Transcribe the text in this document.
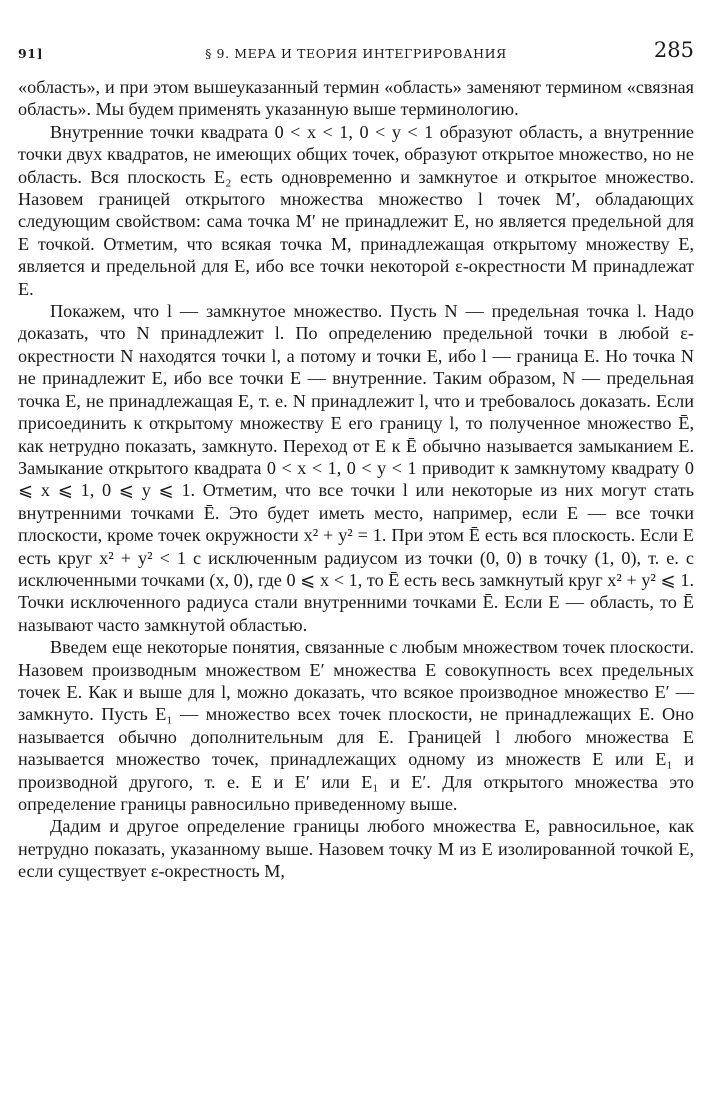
91]	§ 9. МЕРА И ТЕОРИЯ ИНТЕГРИРОВАНИЯ	285

«область», и при этом вышеуказанный термин «область» заменяют термином «связная область». Мы будем применять указанную выше терминологию.

Внутренние точки квадрата 0 < x < 1, 0 < y < 1 образуют область, а внутренние точки двух квадратов, не имеющих общих точек, образуют открытое множество, но не область. Вся плоскость E₂ есть одновременно и замкнутое и открытое множество. Назовем границей открытого множества множество l точек M′, обладающих следующим свойством: сама точка M′ не принадлежит E, но является предельной для E точкой. Отметим, что всякая точка M, принадлежащая открытому множеству E, является и предельной для E, ибо все точки некоторой ε-окрестности M принадлежат E.

Покажем, что l — замкнутое множество. Пусть N — предельная точка l. Надо доказать, что N принадлежит l. По определению предельной точки в любой ε-окрестности N находятся точки l, а потому и точки E, ибо l — граница E. Но точка N не принадлежит E, ибо все точки E — внутренние. Таким образом, N — предельная точка E, не принадлежащая E, т. е. N принадлежит l, что и требовалось доказать. Если присоединить к открытому множеству E его границу l, то полученное множество Ē, как нетрудно показать, замкнуто. Переход от E к Ē обычно называется замыканием E. Замыкание открытого квадрата 0 < x < 1, 0 < y < 1 приводит к замкнутому квадрату 0 ⩽ x ⩽ 1, 0 ⩽ y ⩽ 1. Отметим, что все точки l или некоторые из них могут стать внутренними точками Ē. Это будет иметь место, например, если E — все точки плоскости, кроме точек окружности x² + y² = 1. При этом Ē есть вся плоскость. Если E есть круг x² + y² < 1 с исключенным радиусом из точки (0, 0) в точку (1, 0), т. е. с исключенными точками (x, 0), где 0 ⩽ x < 1, то Ē есть весь замкнутый круг x² + y² ⩽ 1. Точки исключенного радиуса стали внутренними точками Ē. Если E — область, то Ē называют часто замкнутой областью.

Введем еще некоторые понятия, связанные с любым множеством точек плоскости. Назовем производным множеством E′ множества E совокупность всех предельных точек E. Как и выше для l, можно доказать, что всякое производное множество E′ — замкнуто. Пусть E₁ — множество всех точек плоскости, не принадлежащих E. Оно называется обычно дополнительным для E. Границей l любого множества E называется множество точек, принадлежащих одному из множеств E или E₁ и производной другого, т. е. E и E′ или E₁ и E′. Для открытого множества это определение границы равносильно приведенному выше.

Дадим и другое определение границы любого множества E, равносильное, как нетрудно показать, указанному выше. Назовем точку M из E изолированной точкой E, если существует ε-окрестность M,
